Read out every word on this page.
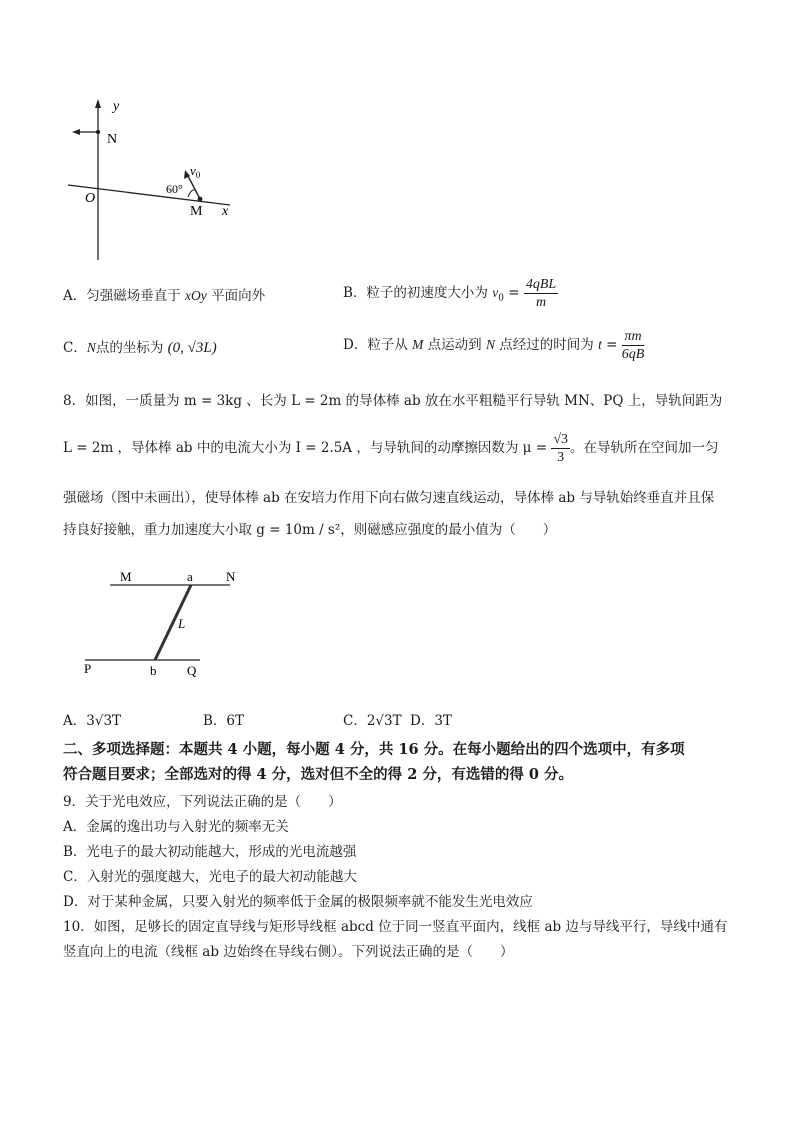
y
N
O
M x
$v_0$
60°
A．匀强磁场垂直于 xOy 平面向外	B．粒子的初速度大小为 $v_0 = \frac{\text{4qBL}}{m}$
C．N点的坐标为 (0, √3L)	D．粒子从 M 点运动到 N 点经过的时间为 $t = \frac{\pi m}{6qB}$
8．如图，一质量为 m = 3kg 、长为 L = 2m 的导体棒 ab 放在水平粗糙平行导轨 MN、PQ 上，导轨间距为
L = 2m ，导体棒 ab 中的电流大小为 I = 2.5A ，与导轨间的动摩擦因数为 $\mu = \frac{√3}{3}$ 。在导轨所在空间加一匀
强磁场（图中未画出），使导体棒 ab 在安培力作用下向右做匀速直线运动，导体棒 ab 与导轨始终垂直并且保
持良好接触，重力加速度大小取 g = 10m / s²，则磁感应强度的最小值为（　　）
M	a	N
L
P	b Q
A．3√3T	B．6T	C．2√3T D．3T
二、多项选择题：本题共 4 小题，每小题 4 分，共 16 分。在每小题给出的四个选项中，有多项
符合题目要求；全部选对的得 4 分，选对但不全的得 2 分，有选错的得 0 分。
9．关于光电效应，下列说法正确的是（　　）
A．金属的逸出功与入射光的频率无关
B．光电子的最大初动能越大，形成的光电流越强
C．入射光的强度越大，光电子的最大初动能越大
D．对于某种金属，只要入射光的频率低于金属的极限频率就不能发生光电效应
10．如图，足够长的固定直导线与矩形导线框 abcd 位于同一竖直平面内，线框 ab 边与导线平行，导线中通有
竖直向上的电流（线框 ab 边始终在导线右侧）。下列说法正确的是（　　）
